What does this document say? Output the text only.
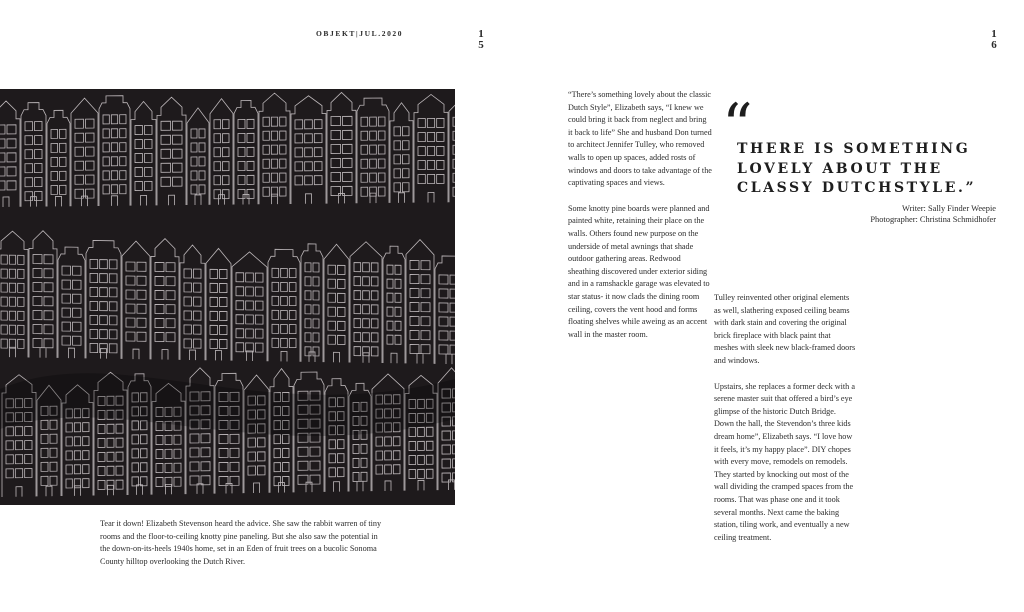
OBJEKT|JUL.2020	1
5
1
6
Tear it down! Elizabeth Stevenson heard the advice. She saw the rabbit warren of tiny rooms and the floor-to-ceiling knotty pine paneling. But she also saw the potential in the down-on-its-heels 1940s home, set in an Eden of fruit trees on a bucolic Sonoma County hilltop overlooking the Dutch River.

“There’s something lovely about the classic Dutch Style”, Elizabeth says, “I knew we could bring it back from neglect and bring it back to life” She and husband Don turned to architect Jennifer Tulley, who removed walls to open up spaces, added rosts of windows and doors to take advantage of the captivating spaces and views.

Some knotty pine boards were planned and painted white, retaining their place on the walls. Others found new purpose on the underside of metal awnings that shade outdoor gathering areas. Redwood sheathing discovered under exterior siding and in a ramshackle garage was elevated to star status- it now clads the dining room ceiling, covers the vent hood and forms floating shelves while aweing as an accent wall in the master room.

“
THERE IS SOMETHING LOVELY ABOUT THE CLASSY DUTCHSTYLE.”
Writer: Sally Finder Weepie
Photographer: Christina Schmidhofer

Tulley reinvented other original elements as well, slathering exposed ceiling beams with dark stain and covering the original brick fireplace with black paint that meshes with sleek new black-framed doors and windows.

Upstairs, she replaces a former deck with a serene master suit that offered a bird’s eye glimpse of the historic Dutch Bridge. Down the hall, the Stevendon’s three kids dream home”, Elizabeth says. “I love how it feels, it’s my happy place”. DIY chopes with every move, remodels on remodels. They started by knocking out most of the wall dividing the cramped spaces from the rooms. That was phase one and it took several months. Next came the baking station, tiling work, and eventually a new ceiling treatment.
